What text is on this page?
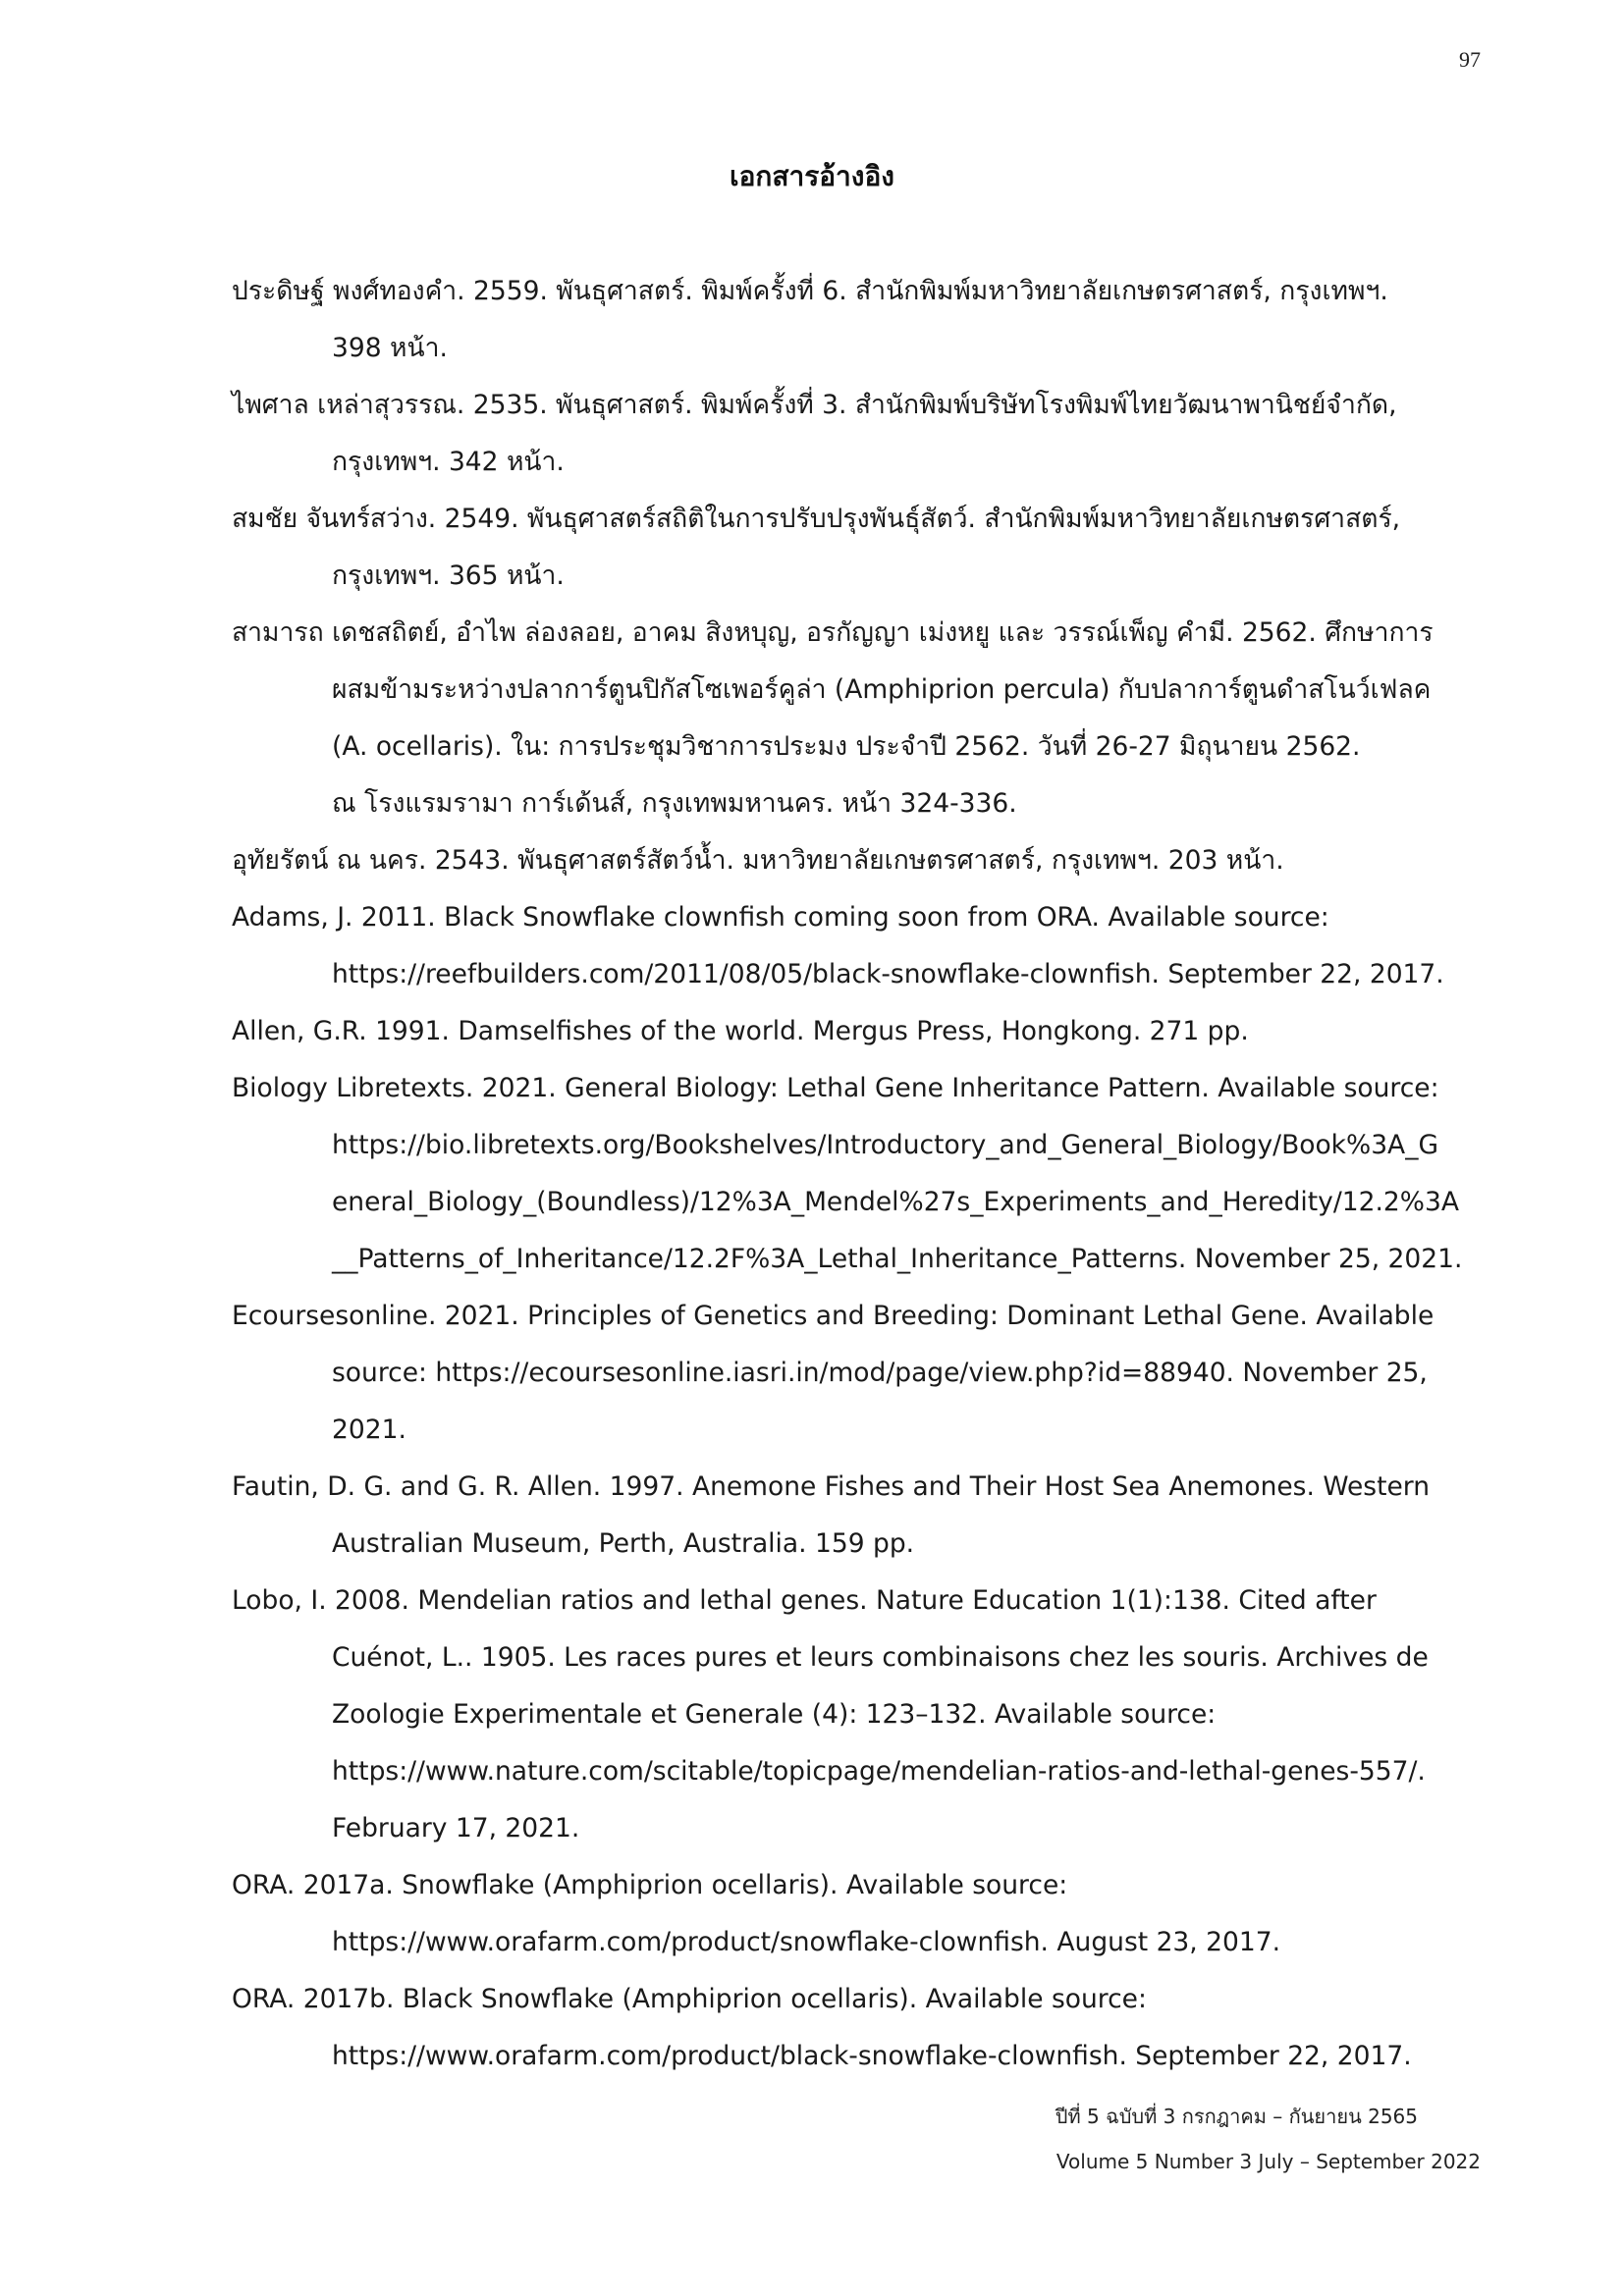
97
เอกสารอ้างอิง
ประดิษฐ์ พงศ์ทองคำ. 2559. พันธุศาสตร์. พิมพ์ครั้งที่ 6. สำนักพิมพ์มหาวิทยาลัยเกษตรศาสตร์, กรุงเทพฯ.
398 หน้า.
ไพศาล เหล่าสุวรรณ. 2535. พันธุศาสตร์. พิมพ์ครั้งที่ 3. สำนักพิมพ์บริษัทโรงพิมพ์ไทยวัฒนาพานิชย์จำกัด,
กรุงเทพฯ. 342 หน้า.
สมชัย จันทร์สว่าง. 2549. พันธุศาสตร์สถิติในการปรับปรุงพันธุ์สัตว์. สำนักพิมพ์มหาวิทยาลัยเกษตรศาสตร์,
กรุงเทพฯ. 365 หน้า.
สามารถ เดชสถิตย์, อำไพ ล่องลอย, อาคม สิงหบุญ, อรกัญญา เม่งหยู และ วรรณ์เพ็ญ คำมี. 2562. ศึกษาการ
ผสมข้ามระหว่างปลาการ์ตูนปิกัสโซเพอร์คูล่า (Amphiprion percula) กับปลาการ์ตูนดำสโนว์เฟลค
(A. ocellaris). ใน: การประชุมวิชาการประมง ประจำปี 2562. วันที่ 26-27 มิถุนายน 2562.
ณ โรงแรมรามา การ์เด้นส์, กรุงเทพมหานคร. หน้า 324-336.
อุทัยรัตน์ ณ นคร. 2543. พันธุศาสตร์สัตว์น้ำ. มหาวิทยาลัยเกษตรศาสตร์, กรุงเทพฯ. 203 หน้า.
Adams, J. 2011. Black Snowflake clownfish coming soon from ORA. Available source:
https://reefbuilders.com/2011/08/05/black-snowflake-clownfish. September 22, 2017.
Allen, G.R. 1991. Damselfishes of the world. Mergus Press, Hongkong. 271 pp.
Biology Libretexts. 2021. General Biology: Lethal Gene Inheritance Pattern. Available source:
https://bio.libretexts.org/Bookshelves/Introductory_and_General_Biology/Book%3A_G
eneral_Biology_(Boundless)/12%3A_Mendel%27s_Experiments_and_Heredity/12.2%3A
__Patterns_of_Inheritance/12.2F%3A_Lethal_Inheritance_Patterns. November 25, 2021.
Ecoursesonline. 2021. Principles of Genetics and Breeding: Dominant Lethal Gene. Available
source: https://ecoursesonline.iasri.in/mod/page/view.php?id=88940. November 25,
2021.
Fautin, D. G. and G. R. Allen. 1997. Anemone Fishes and Their Host Sea Anemones. Western
Australian Museum, Perth, Australia. 159 pp.
Lobo, I. 2008. Mendelian ratios and lethal genes. Nature Education 1(1):138. Cited after
Cuénot, L.. 1905. Les races pures et leurs combinaisons chez les souris. Archives de
Zoologie Experimentale et Generale (4): 123–132. Available source:
https://www.nature.com/scitable/topicpage/mendelian-ratios-and-lethal-genes-557/.
February 17, 2021.
ORA. 2017a. Snowflake (Amphiprion ocellaris). Available source:
https://www.orafarm.com/product/snowflake-clownfish. August 23, 2017.
ORA. 2017b. Black Snowflake (Amphiprion ocellaris). Available source:
https://www.orafarm.com/product/black-snowflake-clownfish. September 22, 2017.
ปีที่ 5 ฉบับที่ 3 กรกฎาคม – กันยายน 2565
Volume 5 Number 3 July – September 2022
